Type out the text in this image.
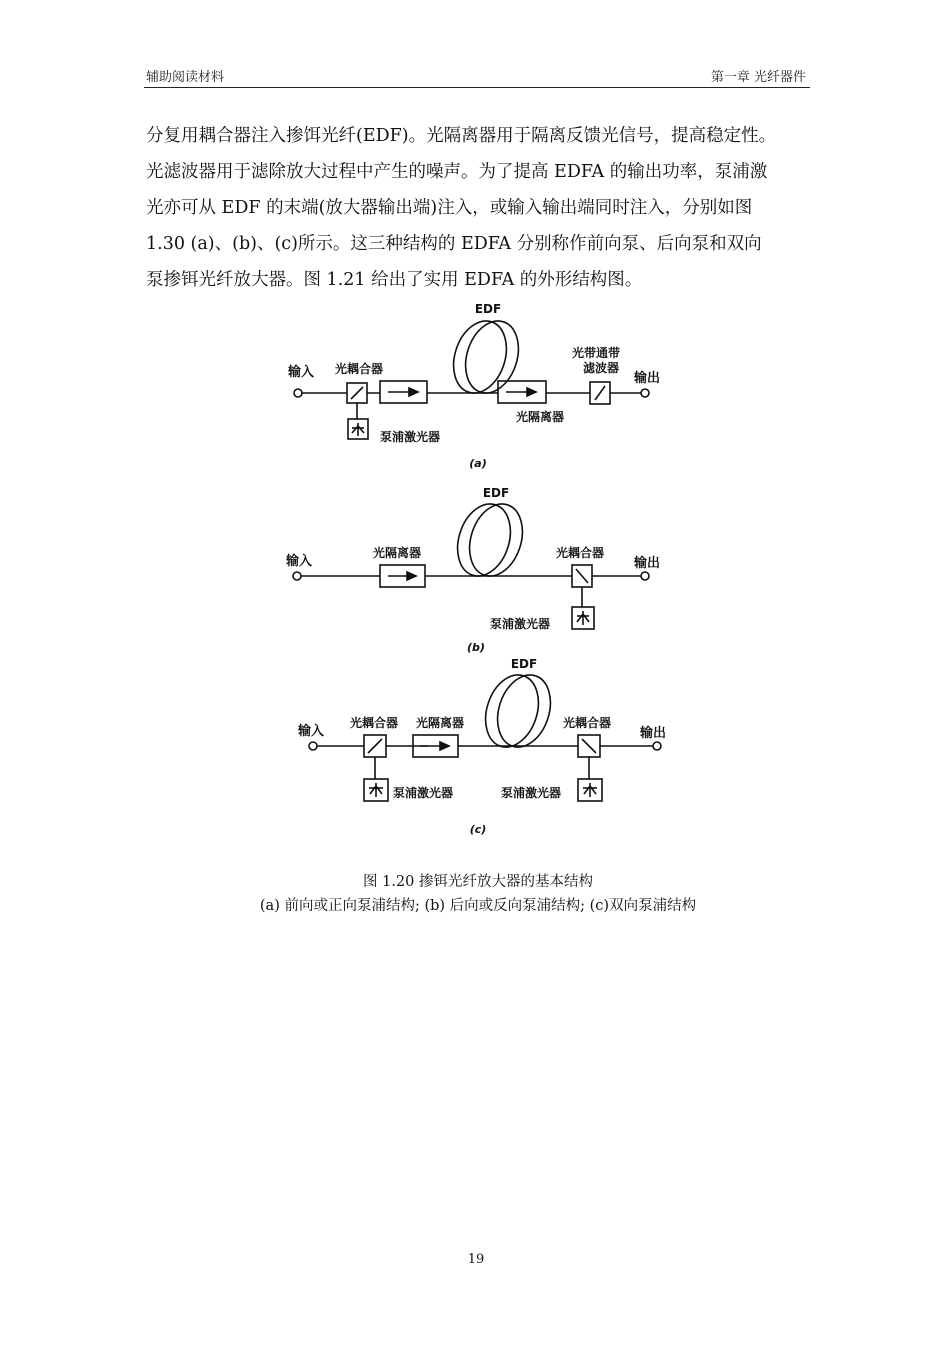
辅助阅读材料	第一章 光纤器件
分复用耦合器注入掺饵光纤(EDF)。光隔离器用于隔离反馈光信号，提高稳定性。
光滤波器用于滤除放大过程中产生的噪声。为了提高 EDFA 的输出功率，泵浦激
光亦可从 EDF 的末端(放大器输出端)注入，或输入输出端同时注入，分别如图
1.30 (a)、(b)、(c)所示。这三种结构的 EDFA 分别称作前向泵、后向泵和双向
泵掺铒光纤放大器。图 1.21 给出了实用 EDFA 的外形结构图。
EDF
输入 光耦合器
光带通带
滤波器
输出
光隔离器
泵浦激光器
(a)
EDF
输入
光隔离器	光耦合器
输出
泵浦激光器
(b)
EDF
输入
光耦合器 光隔离器	光耦合器
输出
泵浦激光器	泵浦激光器
(c)
图 1.20 掺铒光纤放大器的基本结构
(a) 前向或正向泵浦结构; (b) 后向或反向泵浦结构; (c)双向泵浦结构
19
